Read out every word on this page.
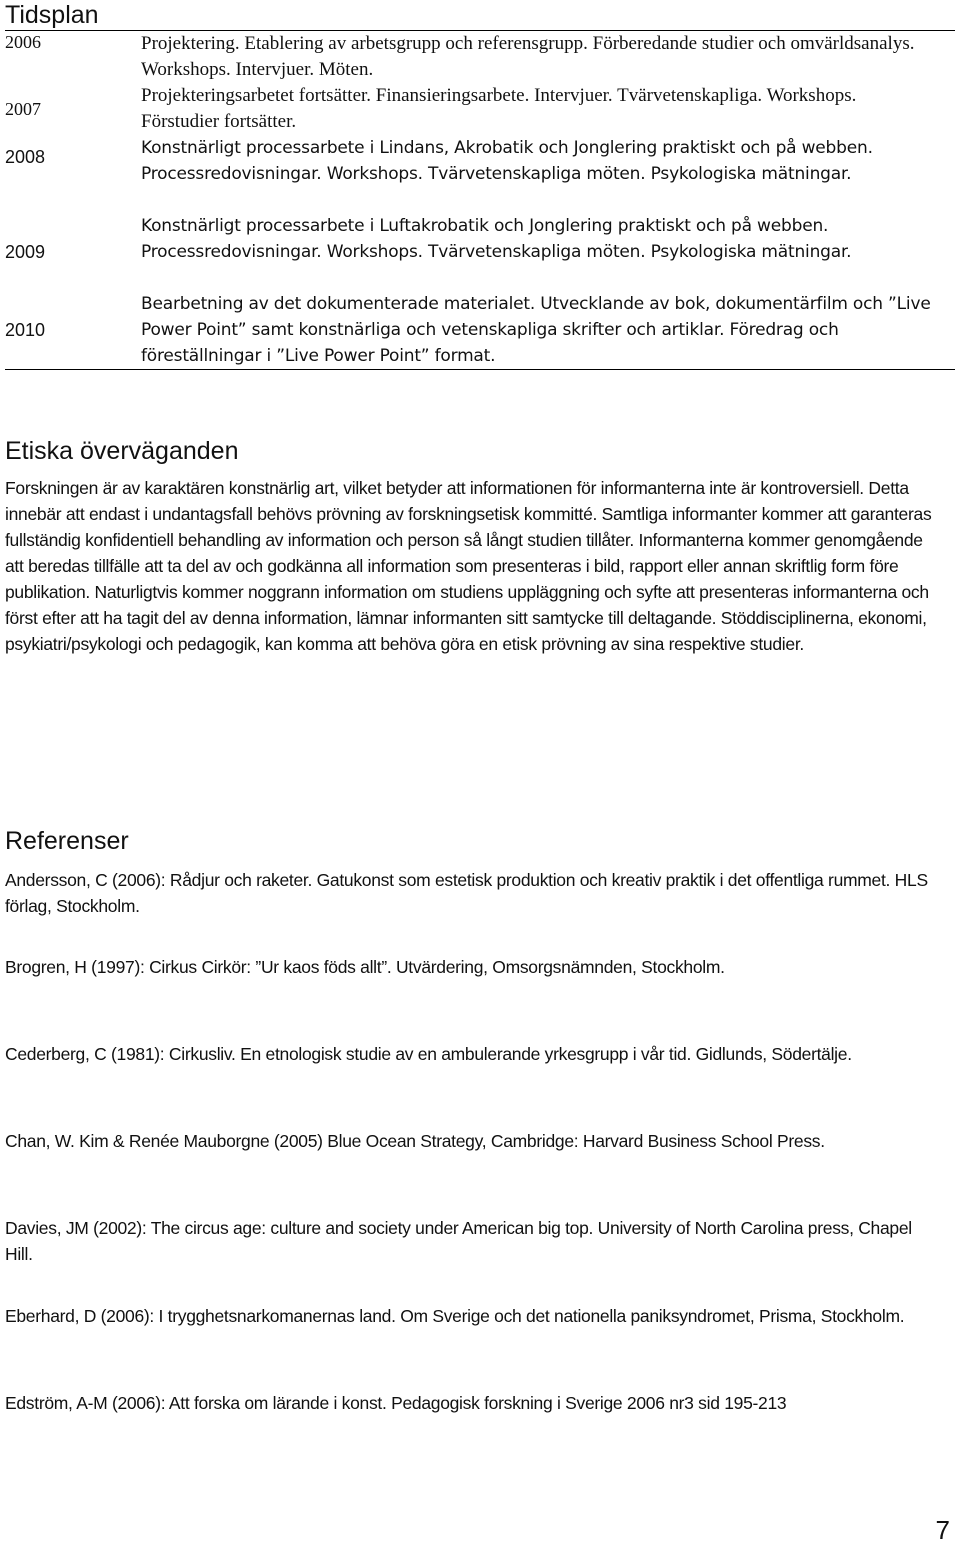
Tidsplan
2006	Projektering. Etablering av arbetsgrupp och referensgrupp. Förberedande studier och omvärldsanalys. Workshops. Intervjuer. Möten.
2007
Projekteringsarbetet fortsätter. Finansieringsarbete. Intervjuer. Tvärvetenskapliga. Workshops. Förstudier fortsätter.
2008	Konstnärligt processarbete i Lindans, Akrobatik och Jonglering praktiskt och på webben. Processredovisningar. Workshops. Tvärvetenskapliga möten. Psykologiska mätningar.
2009
Konstnärligt processarbete i Luftakrobatik och Jonglering praktiskt och på webben. Processredovisningar. Workshops. Tvärvetenskapliga möten. Psykologiska mätningar.
2010
Bearbetning av det dokumenterade materialet. Utvecklande av bok, dokumentärfilm och ”Live Power Point” samt konstnärliga och vetenskapliga skrifter och artiklar. Föredrag och föreställningar i ”Live Power Point” format.
Etiska överväganden

Forskningen är av karaktären konstnärlig art, vilket betyder att informationen för informanterna inte är kontroversiell. Detta innebär att endast i undantagsfall behövs prövning av forskningsetisk kommitté. Samtliga informanter kommer att garanteras fullständig konfidentiell behandling av information och person så långt studien tillåter. Informanterna kommer genomgående att beredas tillfälle att ta del av och godkänna all information som presenteras i bild, rapport eller annan skriftlig form före publikation. Naturligtvis kommer noggrann information om studiens uppläggning och syfte att presenteras informanterna och först efter att ha tagit del av denna information, lämnar informanten sitt samtycke till deltagande. Stöddisciplinerna, ekonomi, psykiatri/psykologi och pedagogik, kan komma att behöva göra en etisk prövning av sina respektive studier.

Referenser

Andersson, C (2006): Rådjur och raketer. Gatukonst som estetisk produktion och kreativ praktik i det offentliga rummet. HLS förlag, Stockholm.

Brogren, H (1997): Cirkus Cirkör: ”Ur kaos föds allt”. Utvärdering, Omsorgsnämnden, Stockholm.

Cederberg, C (1981): Cirkusliv. En etnologisk studie av en ambulerande yrkesgrupp i vår tid. Gidlunds, Södertälje.

Chan, W. Kim & Renée Mauborgne (2005) Blue Ocean Strategy, Cambridge: Harvard Business School Press.

Davies, JM (2002): The circus age: culture and society under American big top. University of North Carolina press, Chapel Hill.

Eberhard, D (2006): I trygghetsnarkomanernas land. Om Sverige och det nationella paniksyndromet, Prisma, Stockholm.

Edström, A-M (2006): Att forska om lärande i konst. Pedagogisk forskning i Sverige 2006 nr3 sid 195-213

7
